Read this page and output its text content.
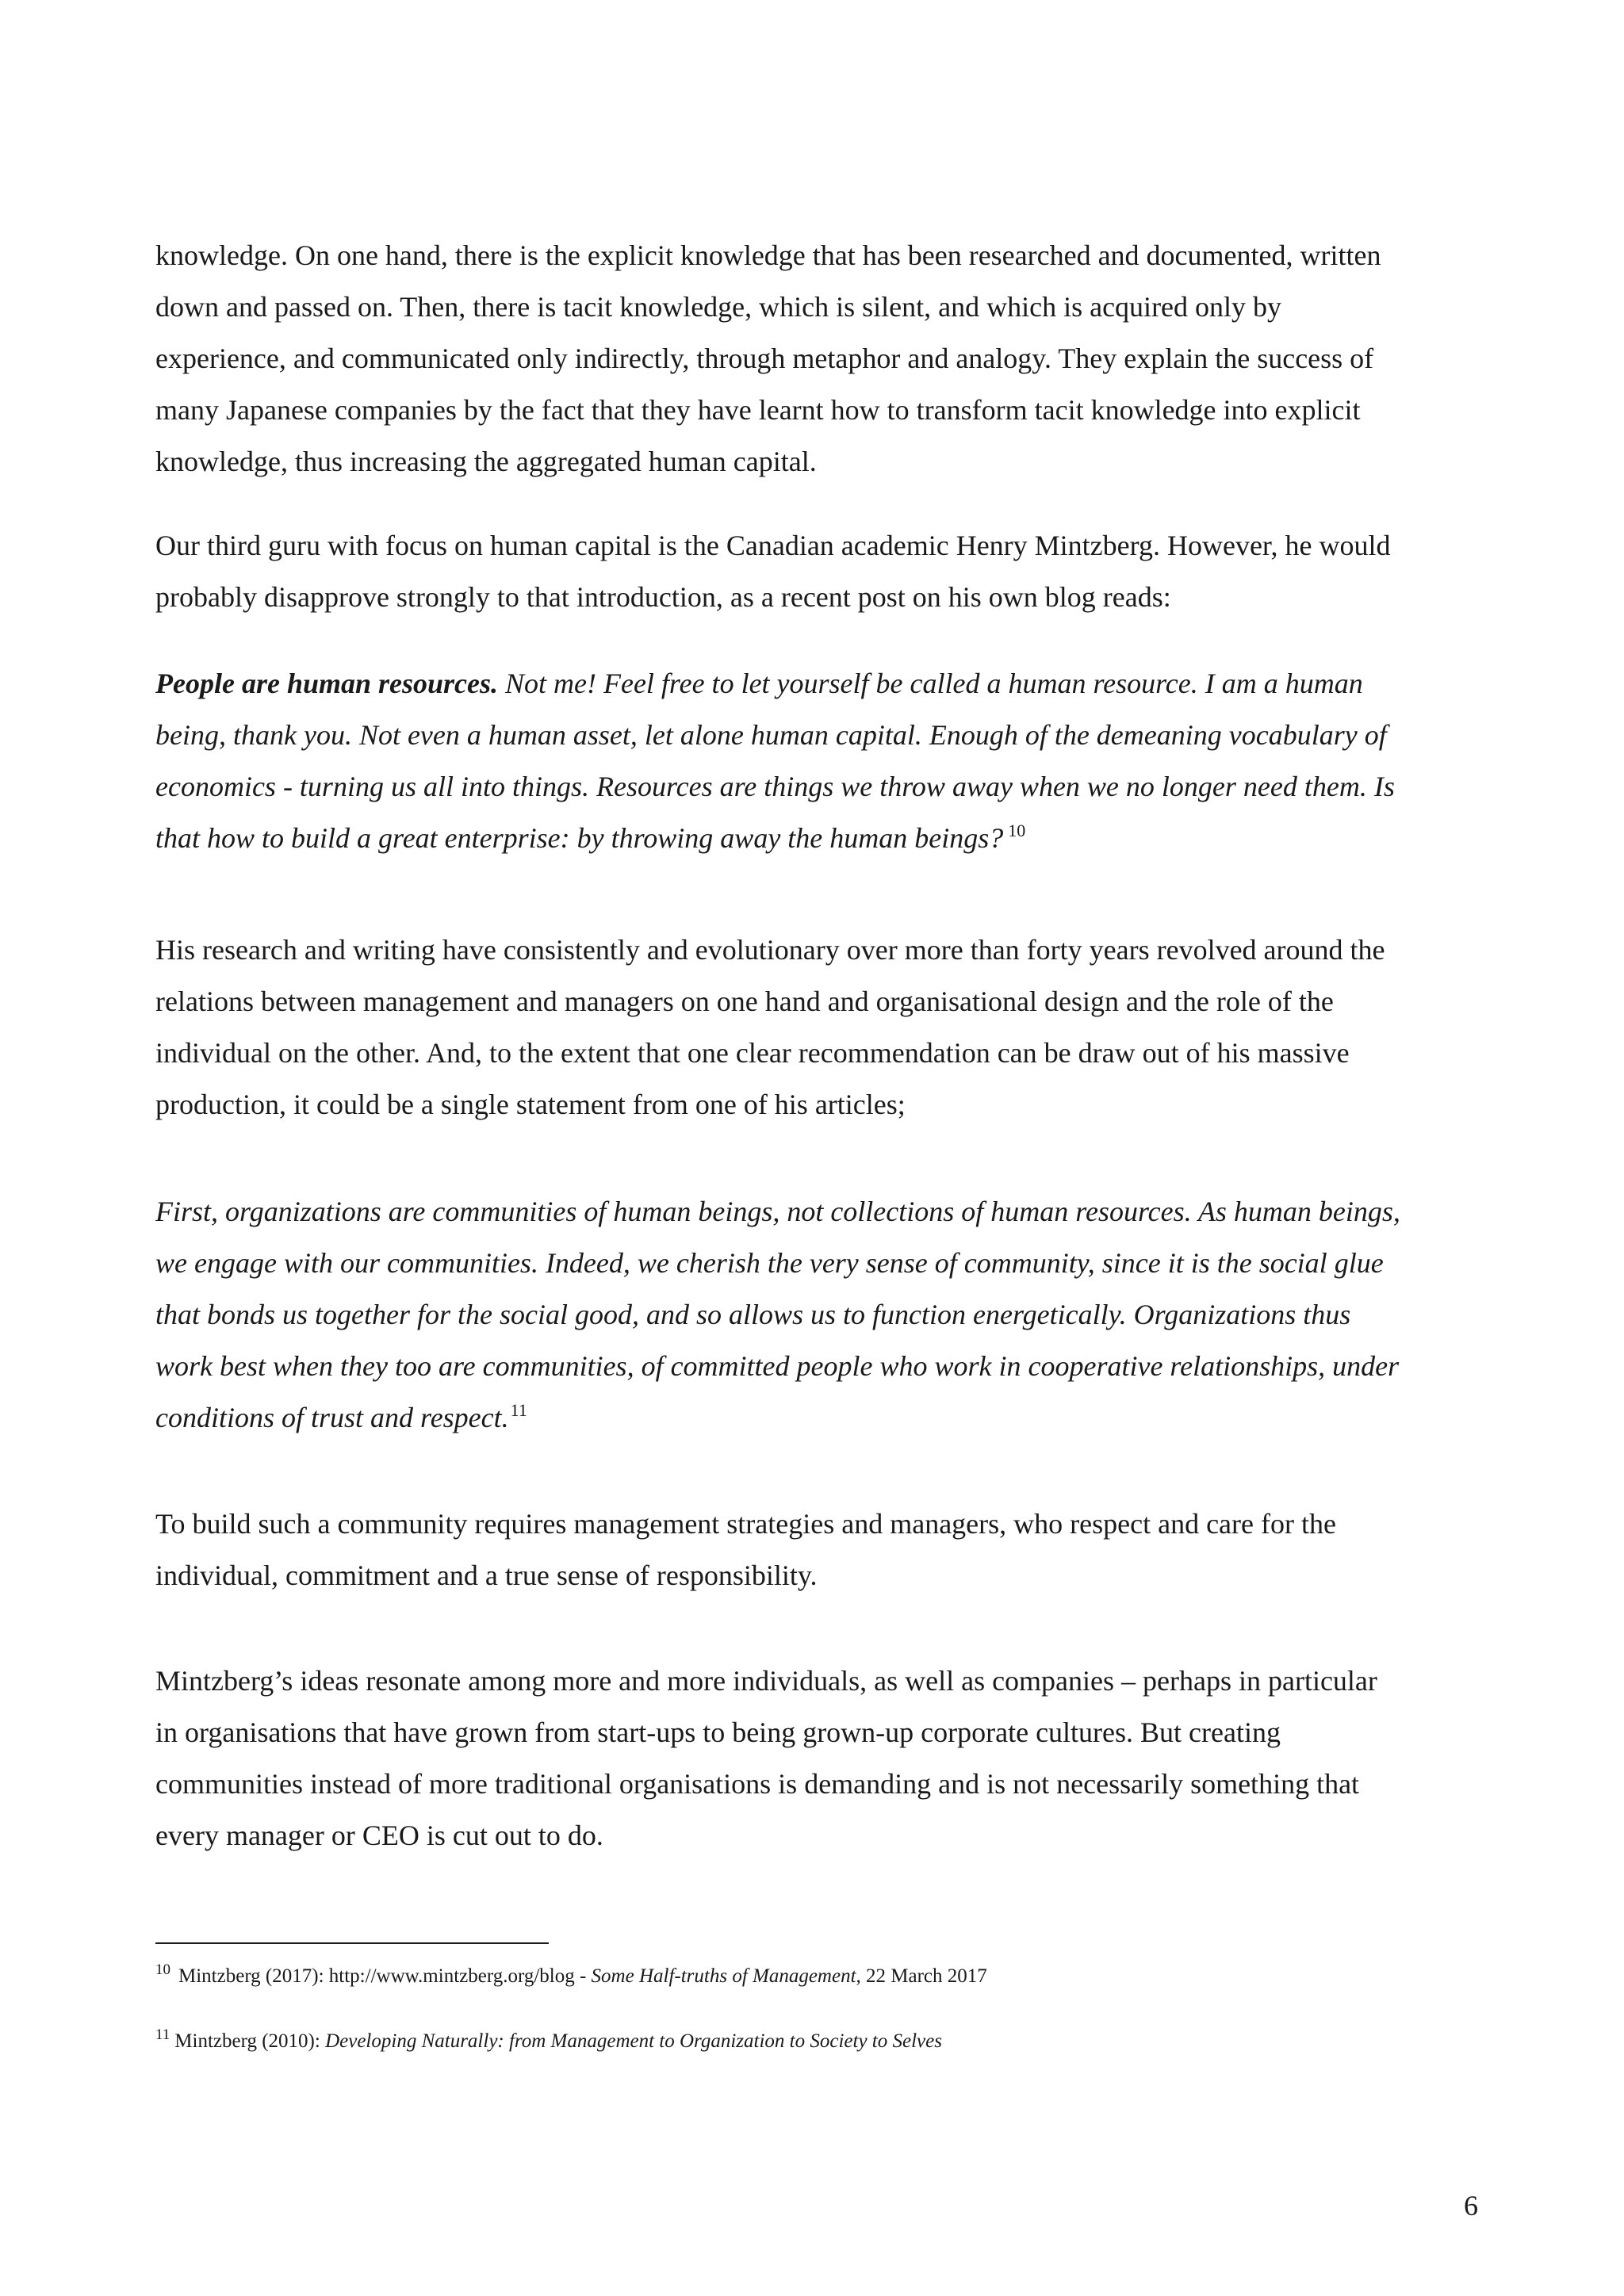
knowledge. On one hand, there is the explicit knowledge that has been researched and documented, written
down and passed on. Then, there is tacit knowledge, which is silent, and which is acquired only by
experience, and communicated only indirectly, through metaphor and analogy. They explain the success of
many Japanese companies by the fact that they have learnt how to transform tacit knowledge into explicit
knowledge, thus increasing the aggregated human capital.

Our third guru with focus on human capital is the Canadian academic Henry Mintzberg. However, he would
probably disapprove strongly to that introduction, as a recent post on his own blog reads:

People are human resources. Not me! Feel free to let yourself be called a human resource. I am a human
being, thank you. Not even a human asset, let alone human capital. Enough of the demeaning vocabulary of
economics - turning us all into things. Resources are things we throw away when we no longer need them. Is
that how to build a great enterprise: by throwing away the human beings? $^{10}$

His research and writing have consistently and evolutionary over more than forty years revolved around the
relations between management and managers on one hand and organisational design and the role of the
individual on the other. And, to the extent that one clear recommendation can be draw out of his massive
production, it could be a single statement from one of his articles;

First, organizations are communities of human beings, not collections of human resources. As human beings,
we engage with our communities. Indeed, we cherish the very sense of community, since it is the social glue
that bonds us together for the social good, and so allows us to function energetically. Organizations thus
work best when they too are communities, of committed people who work in cooperative relationships, under
conditions of trust and respect.$^{11}$

To build such a community requires management strategies and managers, who respect and care for the
individual, commitment and a true sense of responsibility.

Mintzberg’s ideas resonate among more and more individuals, as well as companies – perhaps in particular
in organisations that have grown from start-ups to being grown-up corporate cultures. But creating
communities instead of more traditional organisations is demanding and is not necessarily something that
every manager or CEO is cut out to do.

$^{10}$ Mintzberg (2017): http://www.mintzberg.org/blog - Some Half-truths of Management, 22 March 2017
$^{11}$ Mintzberg (2010): Developing Naturally: from Management to Organization to Society to Selves
6
